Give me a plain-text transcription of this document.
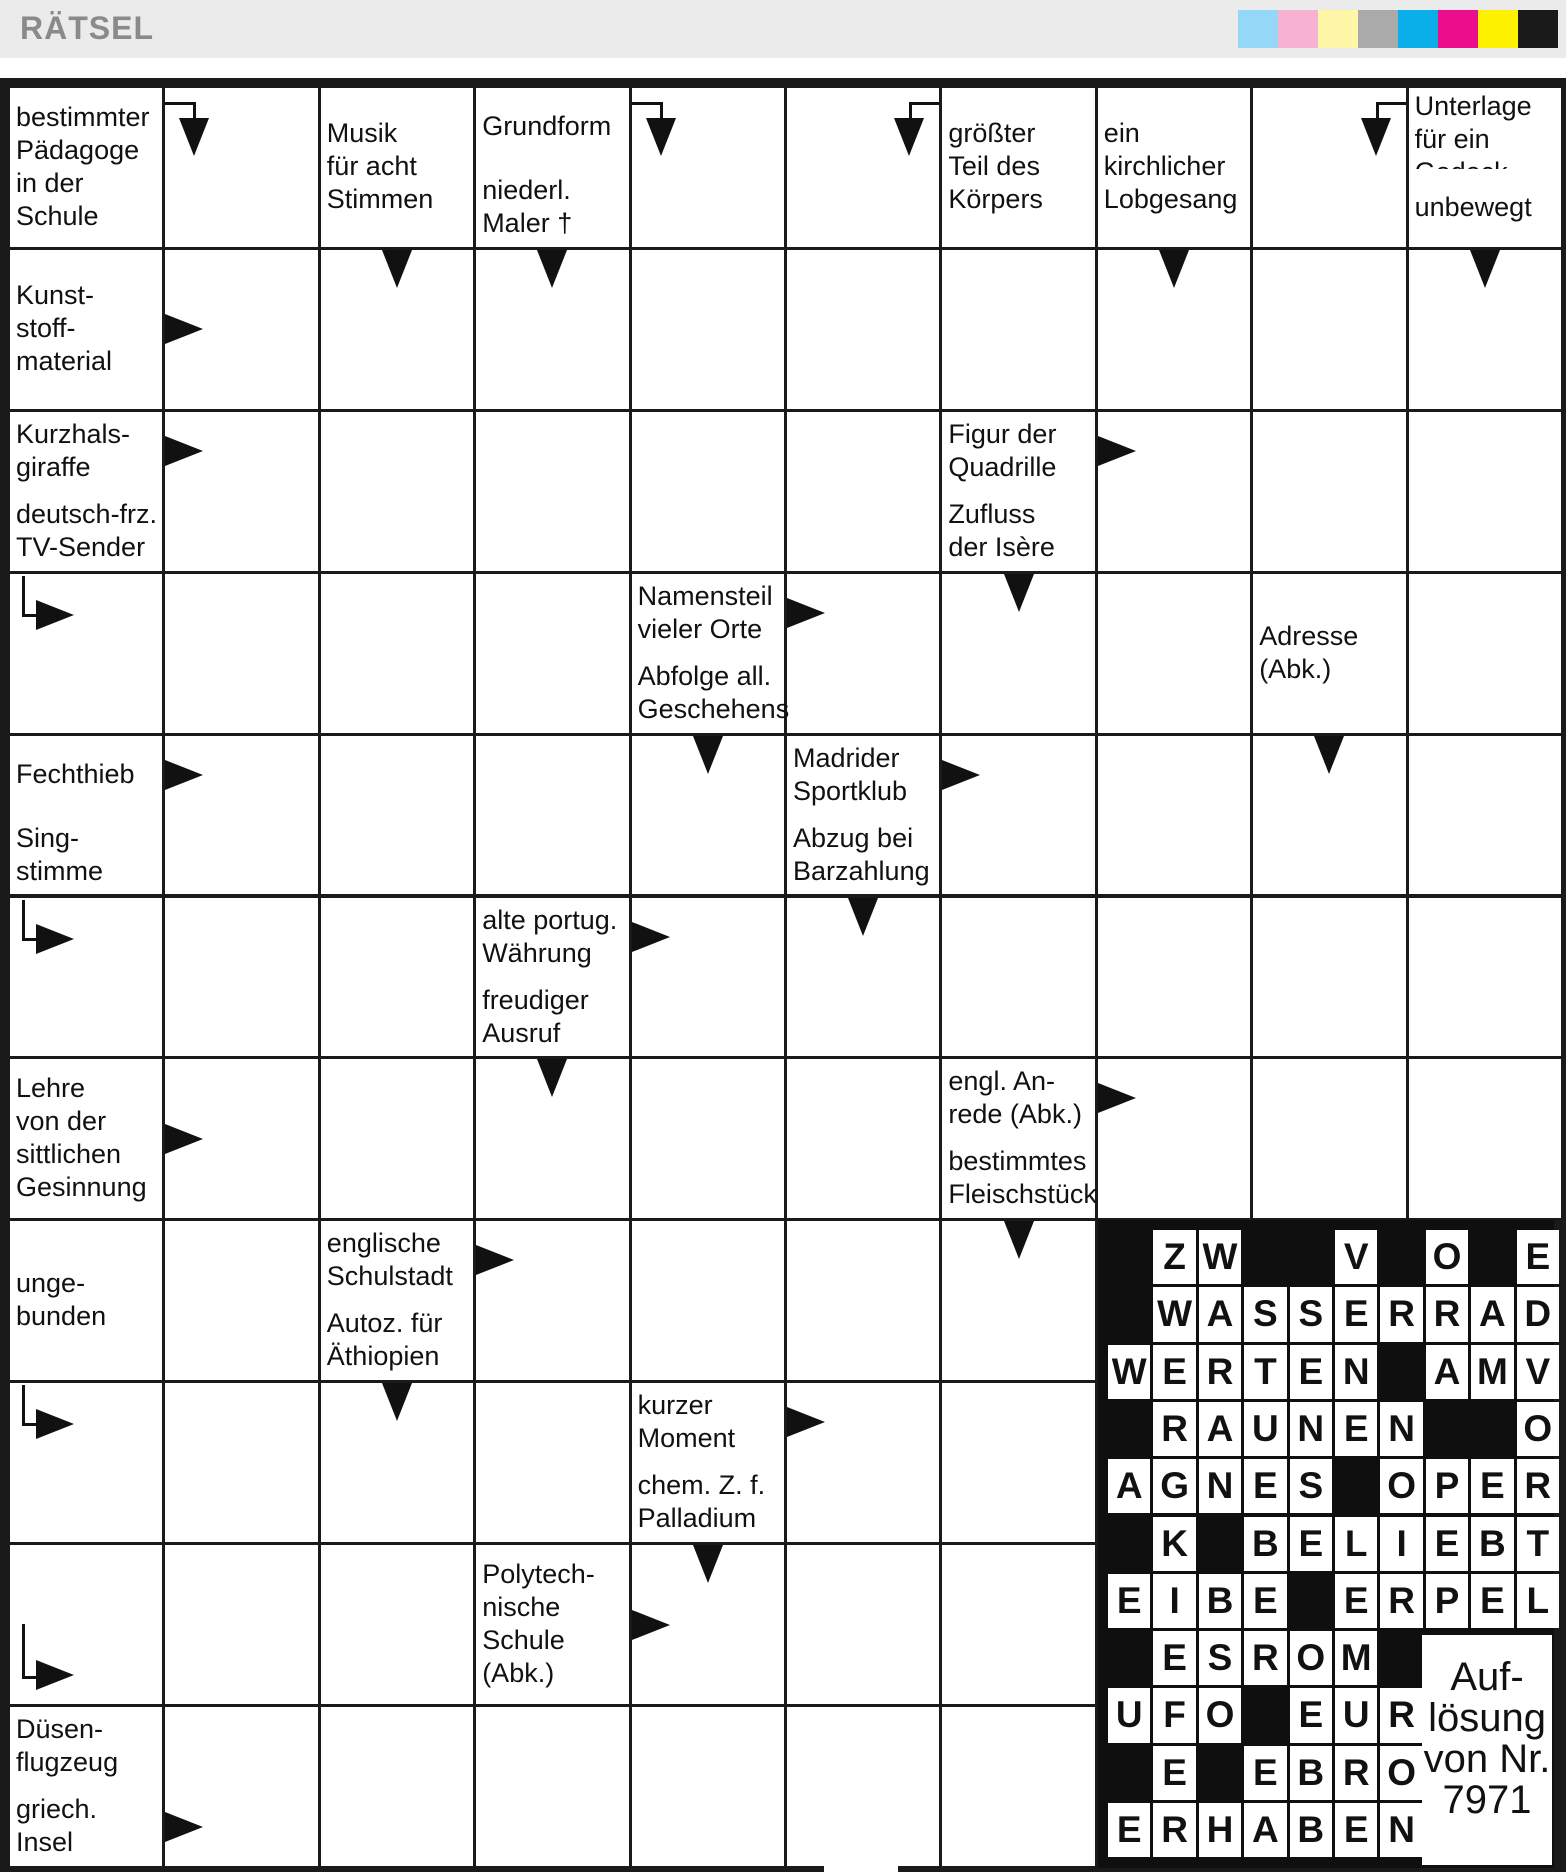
RÄTSEL
Auf-
lösung
von Nr.
7971
bestimmter
Pädagoge
in der
Schule
Musik
für acht
Stimmen
Grundform
niederl.
Maler †
größter
Teil des
Körpers
ein
kirchlicher
Lobgesang
Unterlage
für ein

unbewegt
Kunst-
stoff-
material
Kurzhals-
giraffe
deutsch-frz.
TV-Sender
Figur der
Quadrille
Zufluss
der Isère
Namensteil
vieler Orte
Abfolge all.
Geschehens
Adresse
(Abk.)
Fechthieb
Sing-
stimme
Madrider
Sportklub
Abzug bei
Barzahlung
alte portug.
Währung
freudiger
Ausruf
Lehre
von der
sittlichen
Gesinnung
engl. An-
rede (Abk.)
bestimmtes
Fleischstück
unge-
bunden
englische
Schulstadt
Autoz. für
Äthiopien
kurzer
Moment
chem. Z. f.
Palladium
Polytech-
nische
Schule
(Abk.)
Düsen-
flugzeug
griech.
Insel
Z W	V O E
W A S S E R R A D
W E R T E N A M V
R A U N E N	O
A G N E S O P E R
K B E L I E B T
E I B E E R P E L
E S R O M
U F O E U R
E E B R O
E R H A B E N
